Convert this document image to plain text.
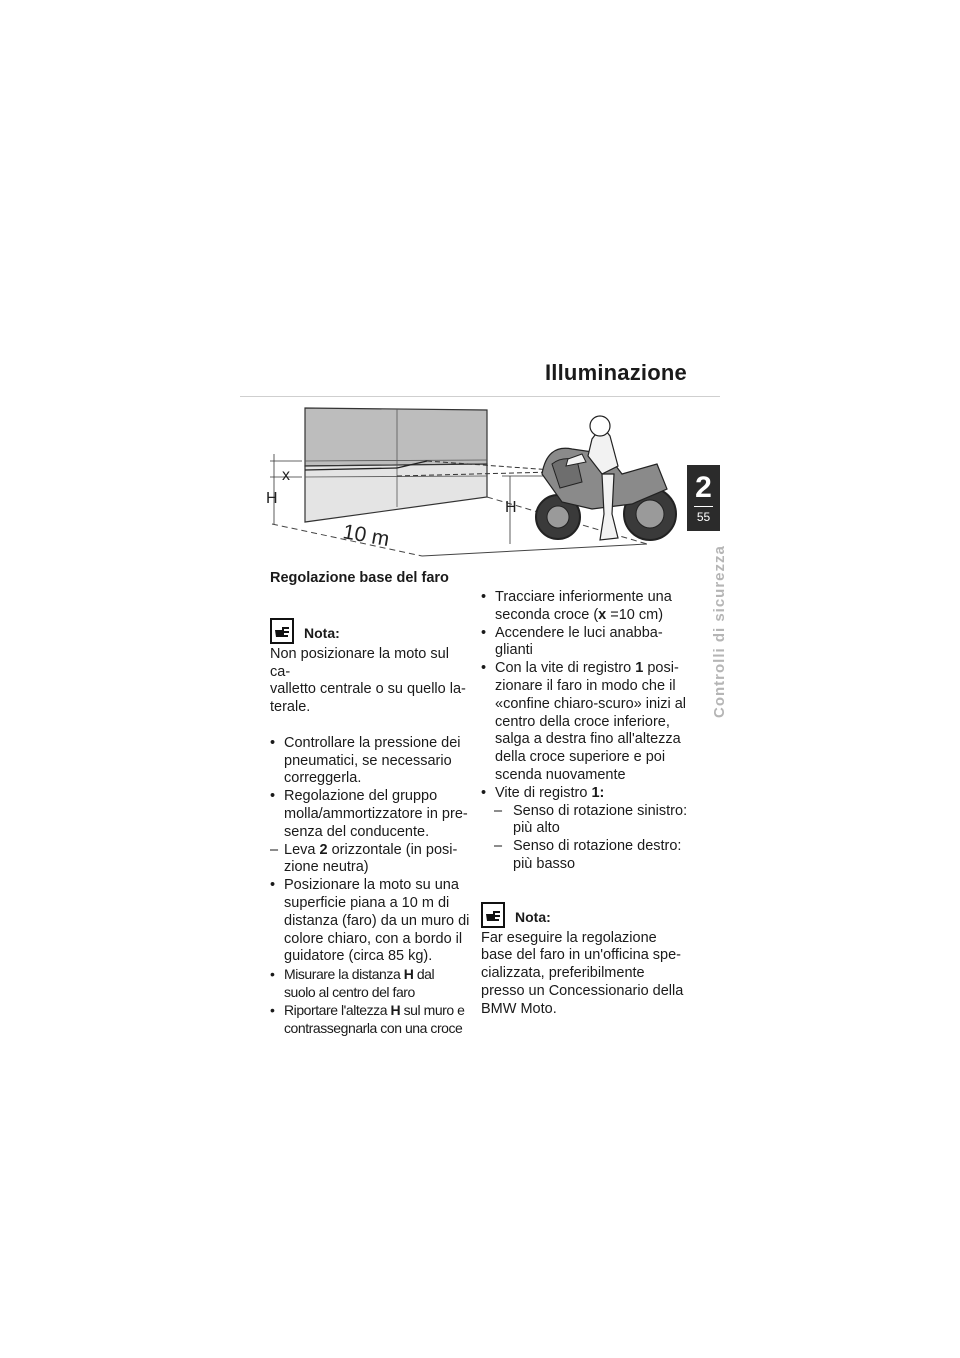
Illuminazione
2
55
Controlli di sicurezza
x
H
H
10 m

Regolazione base del faro

Nota:

Non posizionare la moto sul ca-
valletto centrale o su quello la-
terale.

• Controllare la pressione dei
pneumatici, se necessario
correggerla.
• Regolazione del gruppo
molla/ammortizzatore in pre-
senza del conducente.
– Leva 2 orizzontale (in posi-
zione neutra)
• Posizionare la moto su una
superficie piana a 10 m di
distanza (faro) da un muro di
colore chiaro, con a bordo il
guidatore (circa 85 kg).
• Misurare la distanza H dal
suolo al centro del faro
• Riportare l'altezza H sul muro e
contrassegnarla con una croce
• Tracciare inferiormente una
seconda croce (x =10 cm)
• Accendere le luci anabba-
glianti
• Con la vite di registro 1 posi-
zionare il faro in modo che il
«confine chiaro-scuro» inizi al
centro della croce inferiore,
salga a destra fino all'altezza
della croce superiore e poi
scenda nuovamente
• Vite di registro 1:
– Senso di rotazione sinistro:
più alto
– Senso di rotazione destro:
più basso
Nota:

Far eseguire la regolazione
base del faro in un'officina spe-
cializzata, preferibilmente
presso un Concessionario della
BMW Moto.
